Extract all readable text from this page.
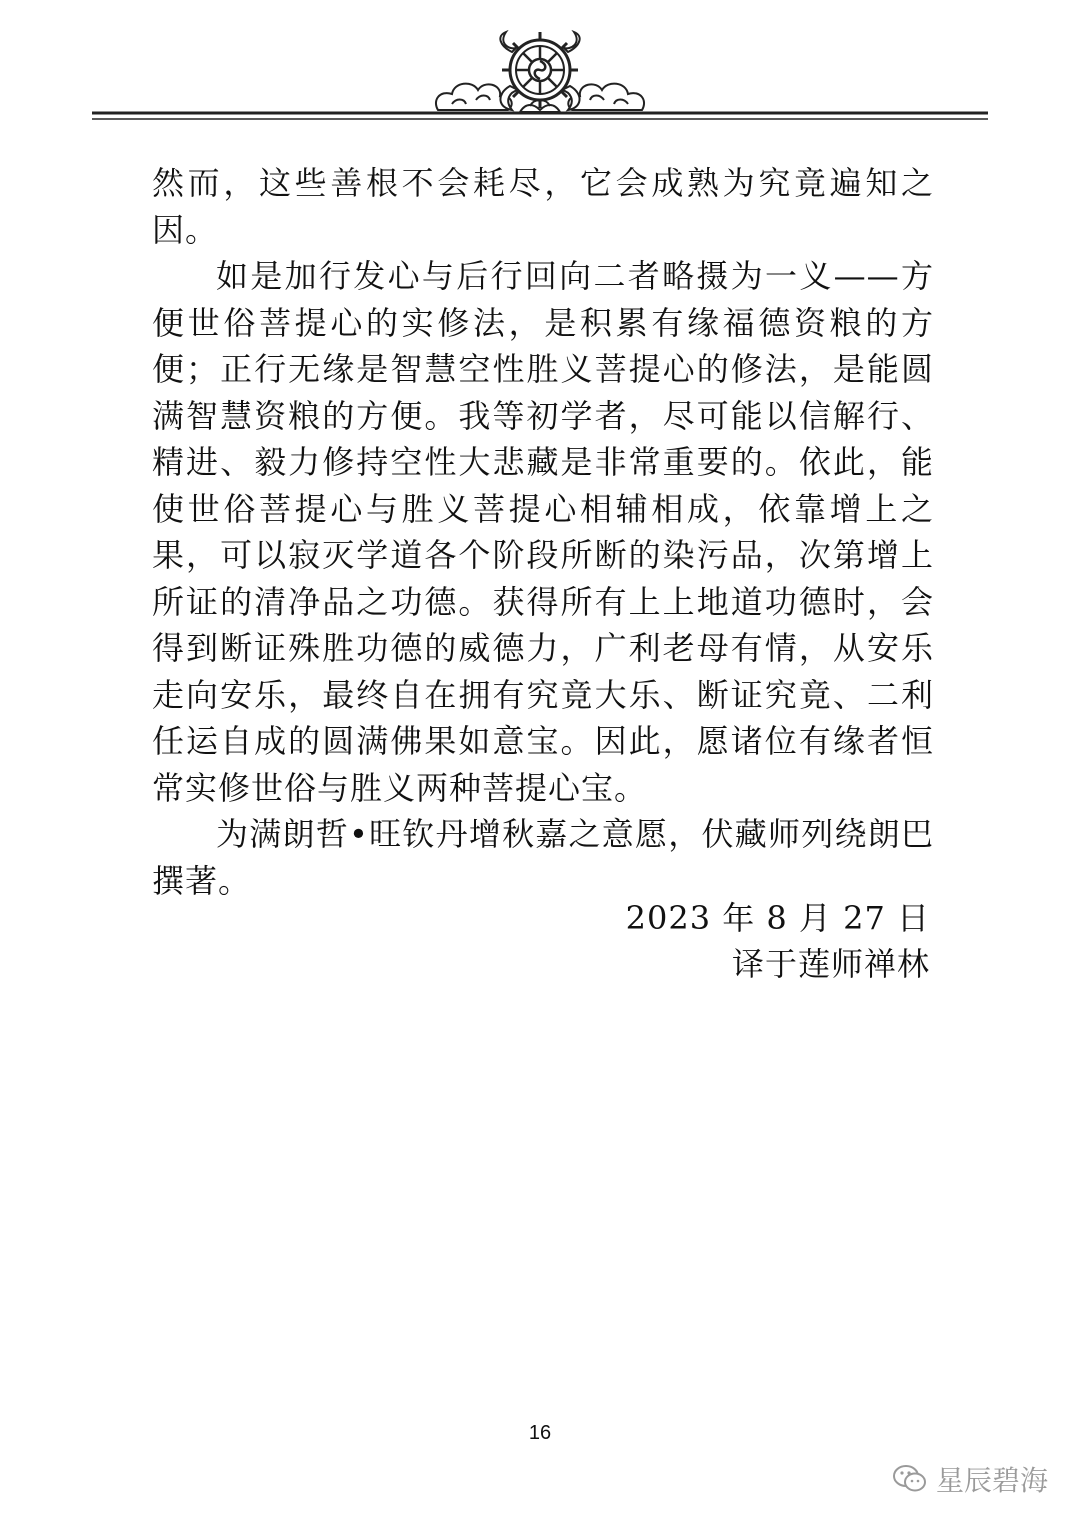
然而，这些善根不会耗尽，它会成熟为究竟遍知之因。

如是加行发心与后行回向二者略摄为一义——方便世俗菩提心的实修法，是积累有缘福德资粮的方便；正行无缘是智慧空性胜义菩提心的修法，是能圆满智慧资粮的方便。我等初学者，尽可能以信解行、精进、毅力修持空性大悲藏是非常重要的。依此，能使世俗菩提心与胜义菩提心相辅相成，依靠增上之果，可以寂灭学道各个阶段所断的染污品，次第增上所证的清净品之功德。获得所有上上地道功德时，会得到断证殊胜功德的威德力，广利老母有情，从安乐走向安乐，最终自在拥有究竟大乐、断证究竟、二利任运自成的圆满佛果如意宝。因此，愿诸位有缘者恒常实修世俗与胜义两种菩提心宝。

为满朗哲•旺钦丹增秋嘉之意愿，伏藏师列绕朗巴撰著。

2023 年 8 月 27 日
译于莲师禅林
16
星辰碧海
